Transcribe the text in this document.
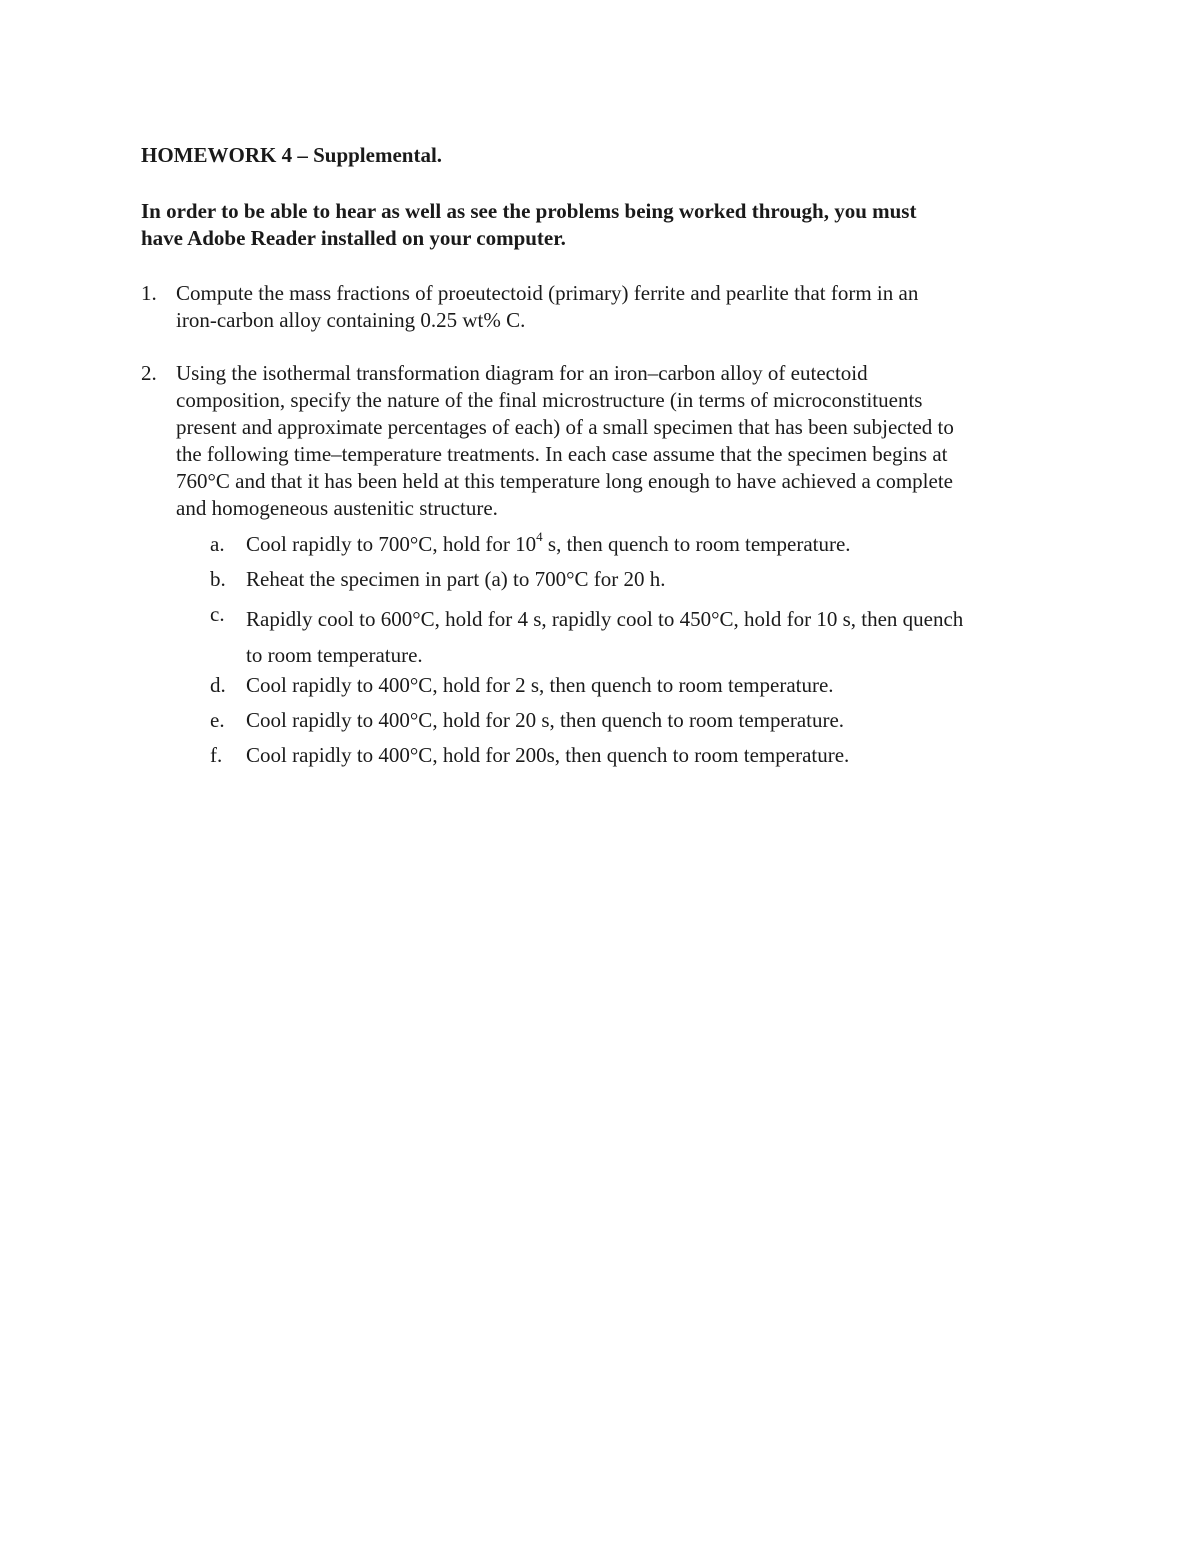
HOMEWORK 4 – Supplemental.
In order to be able to hear as well as see the problems being worked through, you must
have Adobe Reader installed on your computer.
1. Compute the mass fractions of proeutectoid (primary) ferrite and pearlite that form in an
iron-carbon alloy containing 0.25 wt% C.
2. Using the isothermal transformation diagram for an iron–carbon alloy of eutectoid
composition, specify the nature of the final microstructure (in terms of microconstituents
present and approximate percentages of each) of a small specimen that has been subjected to
the following time–temperature treatments. In each case assume that the specimen begins at
760°C and that it has been held at this temperature long enough to have achieved a complete
and homogeneous austenitic structure.
a.	Cool rapidly to 700°C, hold for $10^4$ s, then quench to room temperature.
b. Reheat the specimen in part (a) to 700°C for 20 h.
c.	Rapidly cool to 600°C, hold for 4 s, rapidly cool to 450°C, hold for 10 s, then quench
to room temperature.
d. Cool rapidly to 400°C, hold for 2 s, then quench to room temperature.
e.	Cool rapidly to 400°C, hold for 20 s, then quench to room temperature.
f.	Cool rapidly to 400°C, hold for 200s, then quench to room temperature.
